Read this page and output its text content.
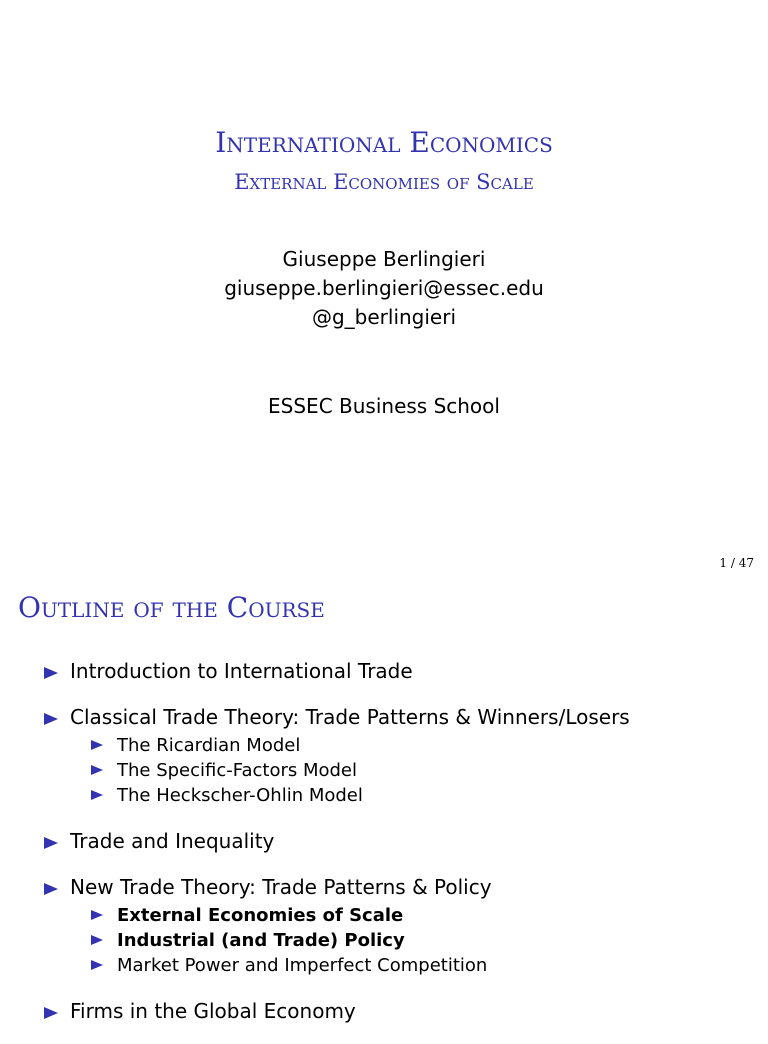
International Economics
External Economies of Scale
Giuseppe Berlingieri
giuseppe.berlingieri@essec.edu
@g_berlingieri
ESSEC Business School
1 / 47
Outline of the Course
Introduction to International Trade
Classical Trade Theory: Trade Patterns & Winners/Losers
The Ricardian Model
The Specific-Factors Model
The Heckscher-Ohlin Model
Trade and Inequality
New Trade Theory: Trade Patterns & Policy
External Economies of Scale
Industrial (and Trade) Policy
Market Power and Imperfect Competition
Firms in the Global Economy
